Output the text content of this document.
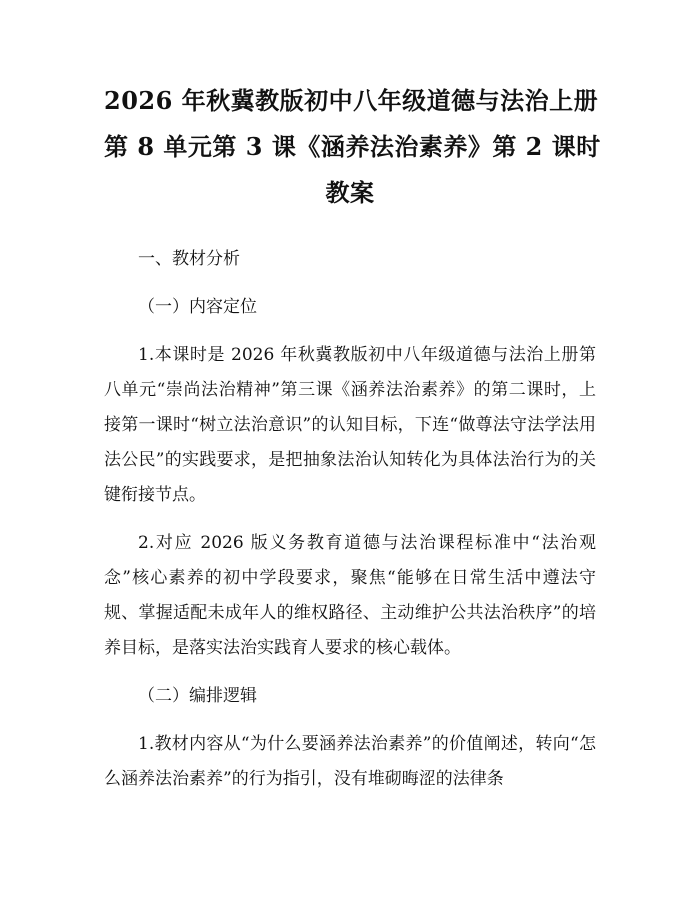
2026 年秋冀教版初中八年级道德与法治上册
第 8 单元第 3 课《涵养法治素养》第 2 课时
教案

一、教材分析

（一）内容定位

1.本课时是 2026 年秋冀教版初中八年级道德与法治上册第八单元“崇尚法治精神”第三课《涵养法治素养》的第二课时，上接第一课时“树立法治意识”的认知目标，下连“做尊法守法学法用法公民”的实践要求，是把抽象法治认知转化为具体法治行为的关键衔接节点。

2.对应 2026 版义务教育道德与法治课程标准中“法治观念”核心素养的初中学段要求，聚焦“能够在日常生活中遵法守规、掌握适配未成年人的维权路径、主动维护公共法治秩序”的培养目标，是落实法治实践育人要求的核心载体。

（二）编排逻辑

1.教材内容从“为什么要涵养法治素养”的价值阐述，转向“怎么涵养法治素养”的行为指引，没有堆砌晦涩的法律条
